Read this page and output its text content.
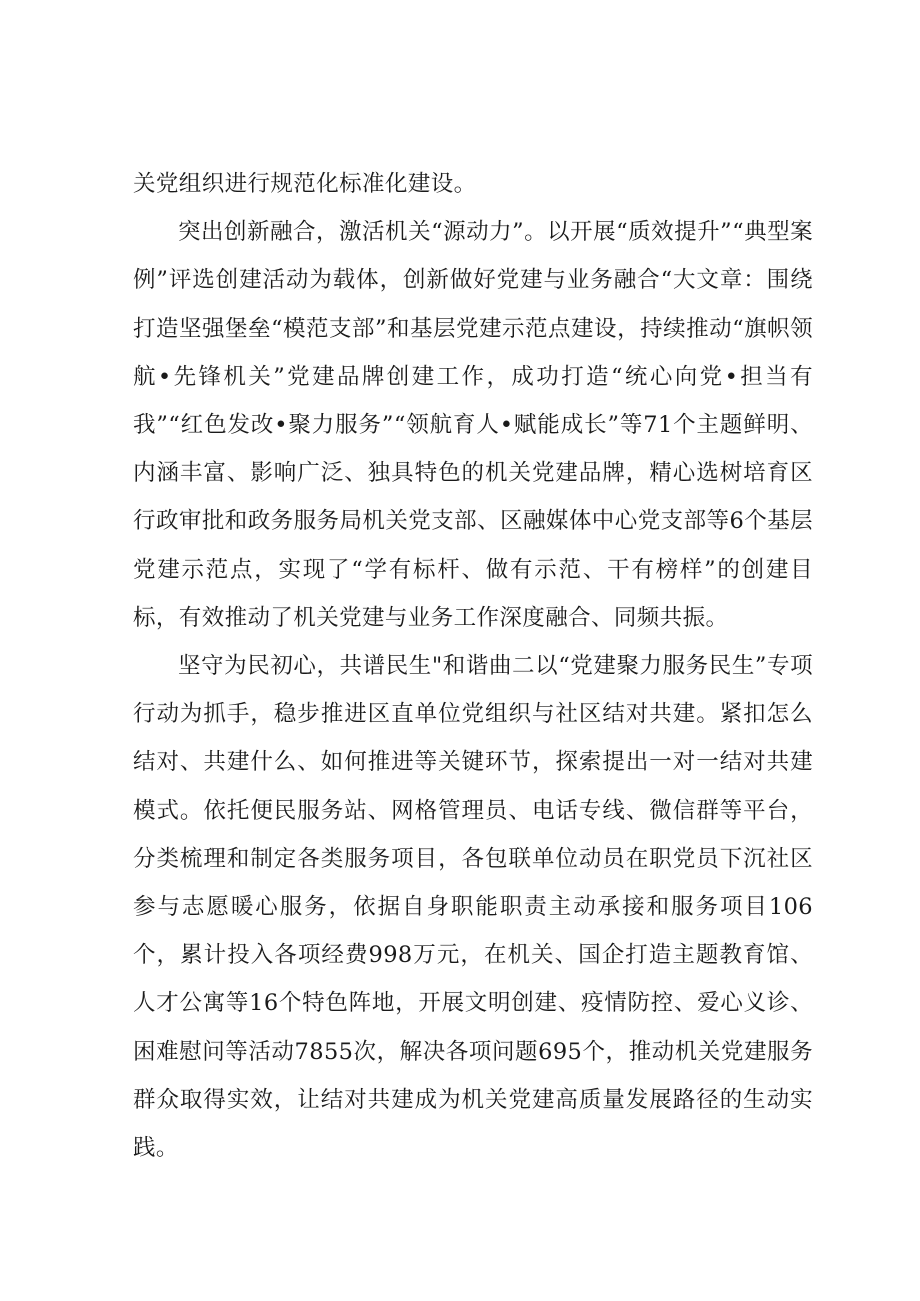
关党组织进行规范化标准化建设。

突出创新融合，激活机关“源动力”。以开展“质效提升”“典型案例”评选创建活动为载体，创新做好党建与业务融合“大文章：围绕打造坚强堡垒“模范支部”和基层党建示范点建设，持续推动“旗帜领航•先锋机关”党建品牌创建工作，成功打造“统心向党•担当有我”“红色发改•聚力服务”“领航育人•赋能成长”等71个主题鲜明、内涵丰富、影响广泛、独具特色的机关党建品牌，精心选树培育区行政审批和政务服务局机关党支部、区融媒体中心党支部等6个基层党建示范点，实现了“学有标杆、做有示范、干有榜样”的创建目标，有效推动了机关党建与业务工作深度融合、同频共振。

坚守为民初心，共谱民生"和谐曲二以“党建聚力服务民生”专项行动为抓手，稳步推进区直单位党组织与社区结对共建。紧扣怎么结对、共建什么、如何推进等关键环节，探索提出一对一结对共建模式。依托便民服务站、网格管理员、电话专线、微信群等平台，分类梳理和制定各类服务项目，各包联单位动员在职党员下沉社区参与志愿暖心服务，依据自身职能职责主动承接和服务项目106个，累计投入各项经费998万元，在机关、国企打造主题教育馆、人才公寓等16个特色阵地，开展文明创建、疫情防控、爱心义诊、困难慰问等活动7855次，解决各项问题695个，推动机关党建服务群众取得实效，让结对共建成为机关党建高质量发展路径的生动实践。
